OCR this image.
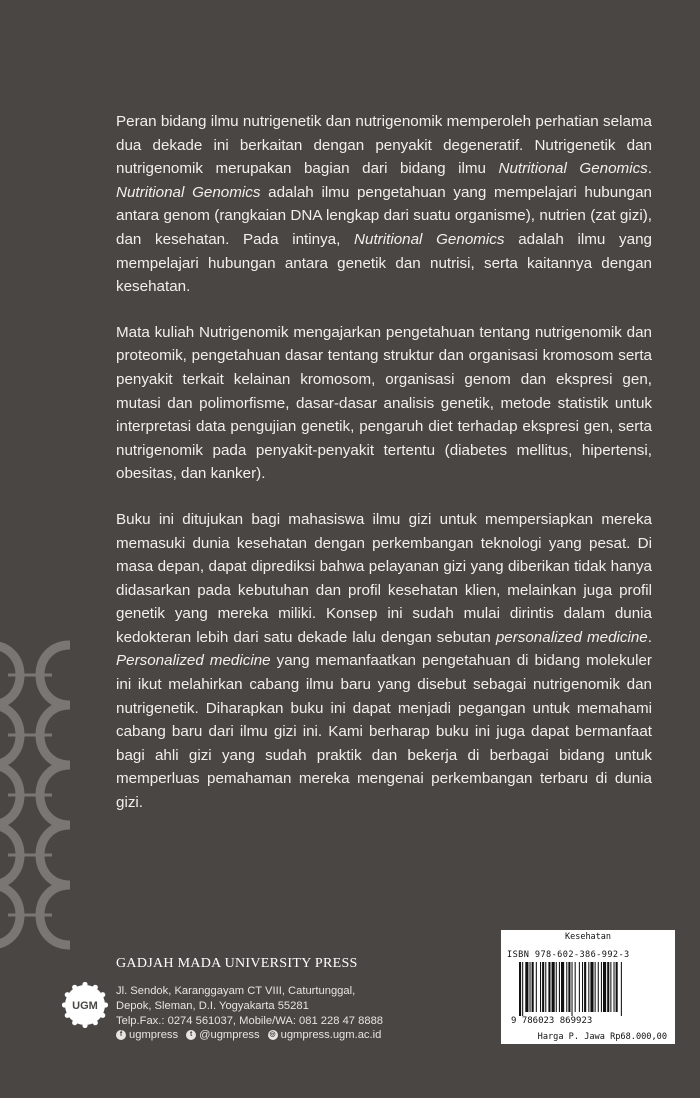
Peran bidang ilmu nutrigenetik dan nutrigenomik memperoleh perhatian selama dua dekade ini berkaitan dengan penyakit degeneratif. Nutrigenetik dan nutrigenomik merupakan bagian dari bidang ilmu Nutritional Genomics. Nutritional Genomics adalah ilmu pengetahuan yang mempelajari hubungan antara genom (rangkaian DNA lengkap dari suatu organisme), nutrien (zat gizi), dan kesehatan. Pada intinya, Nutritional Genomics adalah ilmu yang mempelajari hubungan antara genetik dan nutrisi, serta kaitannya dengan kesehatan.

Mata kuliah Nutrigenomik mengajarkan pengetahuan tentang nutrigenomik dan proteomik, pengetahuan dasar tentang struktur dan organisasi kromosom serta penyakit terkait kelainan kromosom, organisasi genom dan ekspresi gen, mutasi dan polimorfisme, dasar-dasar analisis genetik, metode statistik untuk interpretasi data pengujian genetik, pengaruh diet terhadap ekspresi gen, serta nutrigenomik pada penyakit-penyakit tertentu (diabetes mellitus, hipertensi, obesitas, dan kanker).

Buku ini ditujukan bagi mahasiswa ilmu gizi untuk mempersiapkan mereka memasuki dunia kesehatan dengan perkembangan teknologi yang pesat. Di masa depan, dapat diprediksi bahwa pelayanan gizi yang diberikan tidak hanya didasarkan pada kebutuhan dan profil kesehatan klien, melainkan juga profil genetik yang mereka miliki. Konsep ini sudah mulai dirintis dalam dunia kedokteran lebih dari satu dekade lalu dengan sebutan personalized medicine. Personalized medicine yang memanfaatkan pengetahuan di bidang molekuler ini ikut melahirkan cabang ilmu baru yang disebut sebagai nutrigenomik dan nutrigenetik. Diharapkan buku ini dapat menjadi pegangan untuk memahami cabang baru dari ilmu gizi ini. Kami berharap buku ini juga dapat bermanfaat bagi ahli gizi yang sudah praktik dan bekerja di berbagai bidang untuk memperluas pemahaman mereka mengenai perkembangan terbaru di dunia gizi.

UGM
GADJAH MADA UNIVERSITY PRESS
Jl. Sendok, Karanggayam CT VIII, Caturtunggal,
Depok, Sleman, D.I. Yogyakarta 55281
Telp.Fax.: 0274 561037, Mobile/WA: 081 228 47 8888
f ugmpress	t @ugmpress ◎ ugmpress.ugm.ac.id
Kesehatan
ISBN 978-602-386-992-3
9 786023 869923
Harga P. Jawa Rp68.000,00
